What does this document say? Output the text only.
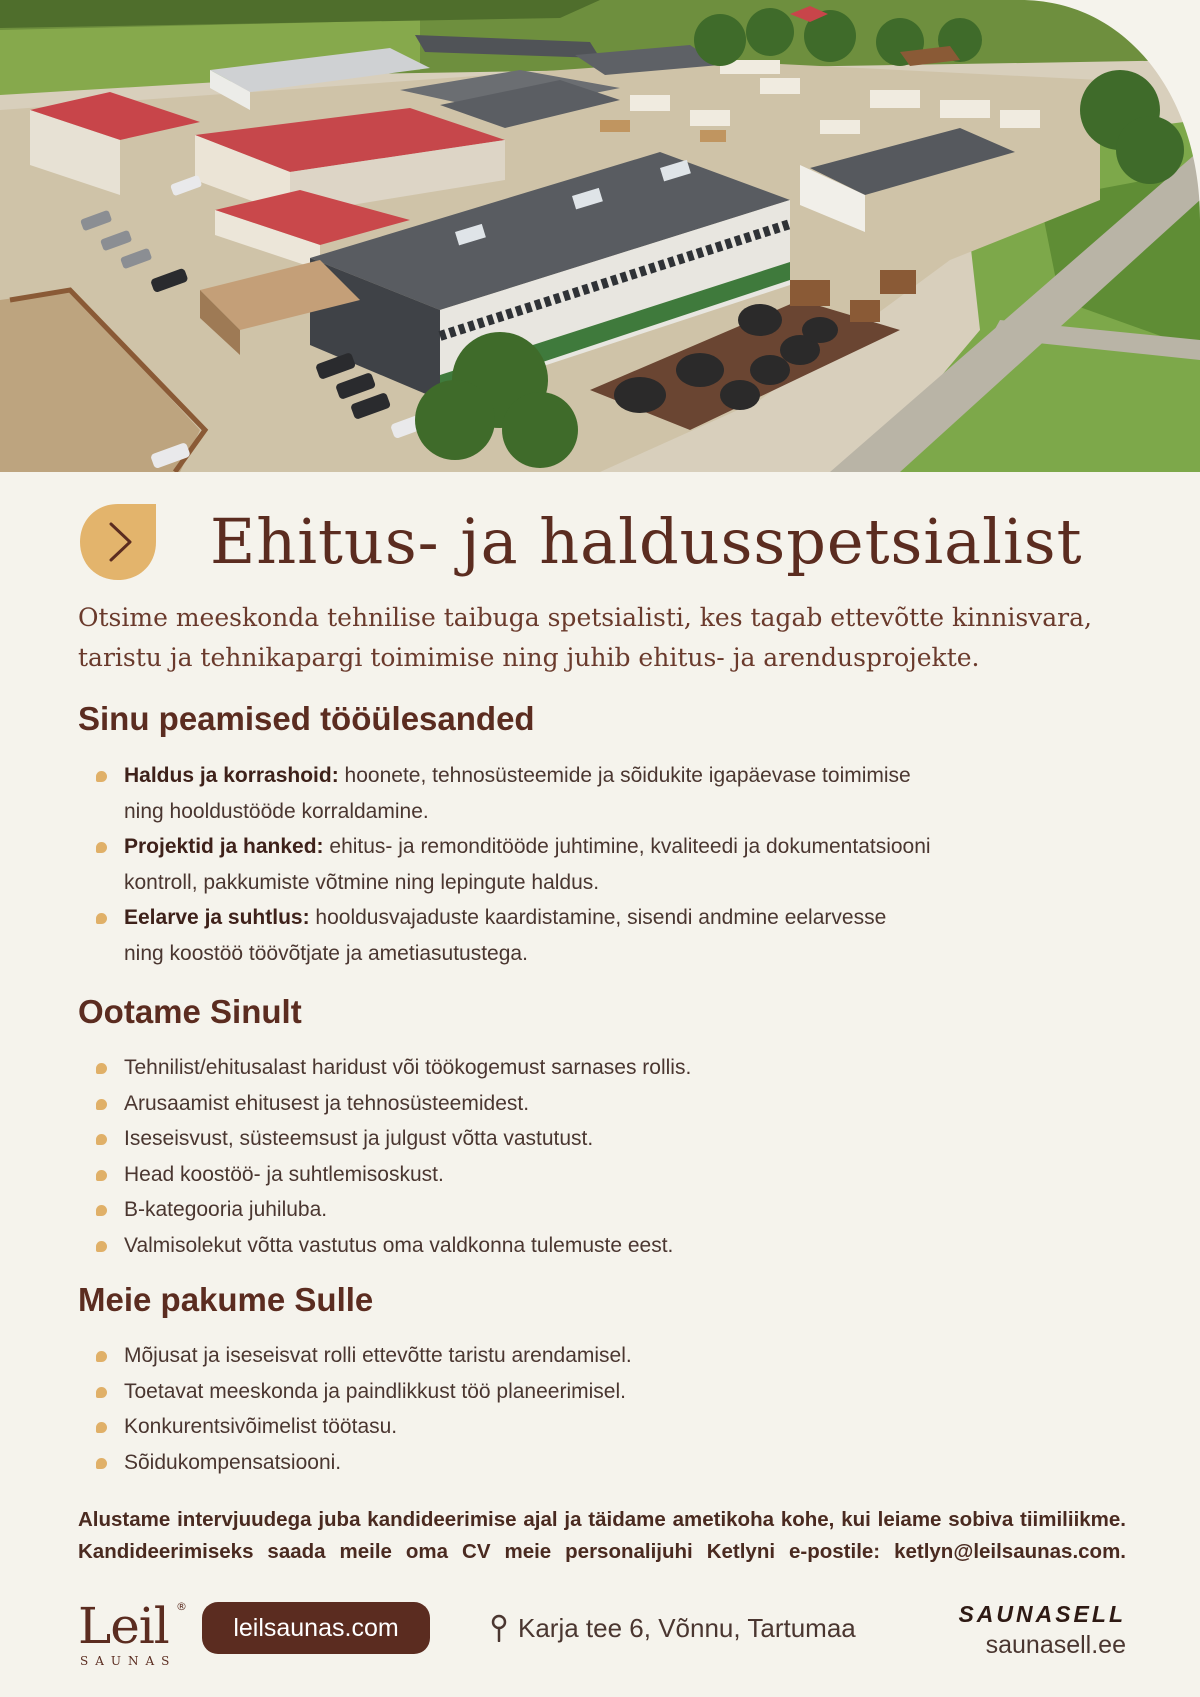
Ehitus- ja haldusspetsialist
Otsime meeskonda tehnilise taibuga spetsialisti, kes tagab ettevõtte kinnisvara, taristu ja tehnikapargi toimimise ning juhib ehitus- ja arendusprojekte.
Sinu peamised tööülesanded
Haldus ja korrashoid: hoonete, tehnosüsteemide ja sõidukite igapäevase toimimise
ning hooldustööde korraldamine.
Projektid ja hanked: ehitus- ja remonditööde juhtimine, kvaliteedi ja dokumentatsiooni
kontroll, pakkumiste võtmine ning lepingute haldus.
Eelarve ja suhtlus: hooldusvajaduste kaardistamine, sisendi andmine eelarvesse
ning koostöö töövõtjate ja ametiasutustega.
Ootame Sinult
Tehnilist/ehitusalast haridust või töökogemust sarnases rollis.
Arusaamist ehitusest ja tehnosüsteemidest.
Iseseisvust, süsteemsust ja julgust võtta vastutust.
Head koostöö- ja suhtlemisoskust.
B-kategooria juhiluba.
Valmisolekut võtta vastutus oma valdkonna tulemuste eest.
Meie pakume Sulle
Mõjusat ja iseseisvat rolli ettevõtte taristu arendamisel.
Toetavat meeskonda ja paindlikkust töö planeerimisel.
Konkurentsivõimelist töötasu.
Sõidukompensatsiooni.
Alustame intervjuudega juba kandideerimise ajal ja täidame ametikoha kohe, kui leiame sobiva tiimiliikme.
Kandideerimiseks saada meile oma CV meie personalijuhi Ketlyni e-postile: ketlyn@leilsaunas.com.
Leil ®
SAUNAS
leilsaunas.com	Karja tee 6, Võnnu, Tartumaa	SAUNASELL
saunasell.ee
